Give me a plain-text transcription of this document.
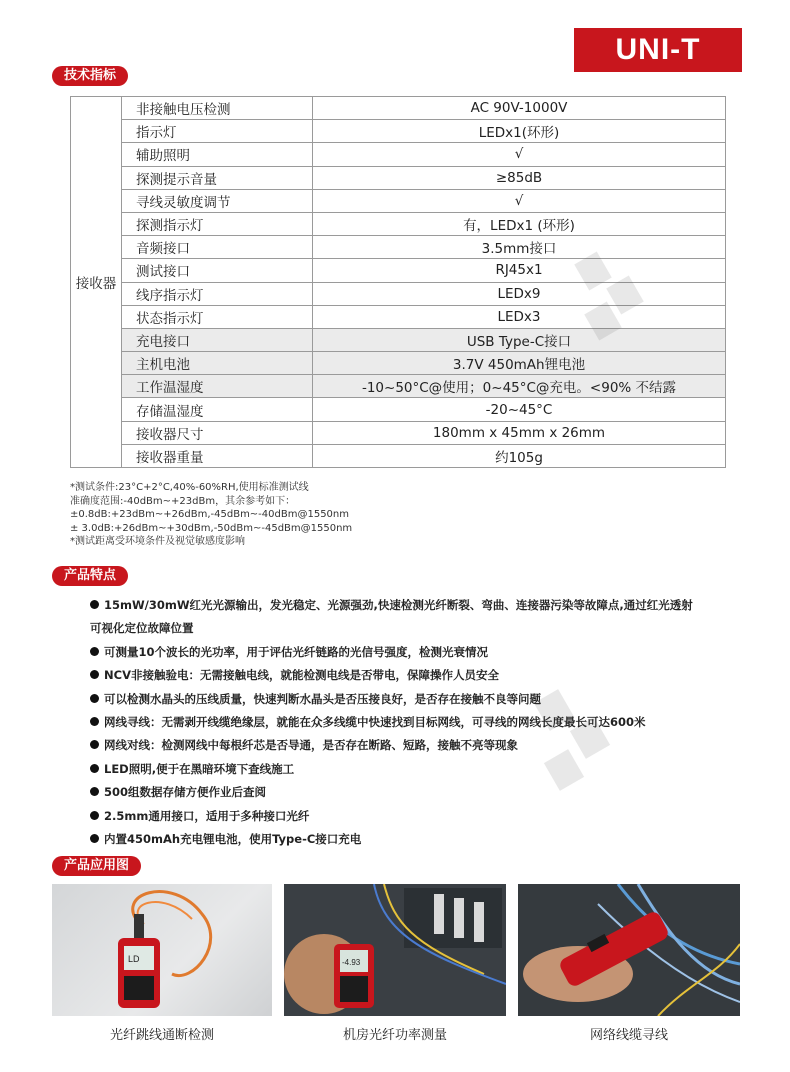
UNI-T
技术指标
接收器	非接触电压检测	AC 90V-1000V
	指示灯	LEDx1(环形)
	辅助照明	√
	探测提示音量	≥85dB
	寻线灵敏度调节	√
	探测指示灯	有，LEDx1 (环形)
	音频接口	3.5mm接口
	测试接口	RJ45x1
	线序指示灯	LEDx9
	状态指示灯	LEDx3
	充电接口	USB Type-C接口
	主机电池	3.7V 450mAh锂电池
	工作温湿度	-10~50°C@使用；0~45°C@充电。<90% 不结露
	存储温湿度	-20~45°C
	接收器尺寸	180mm x 45mm x 26mm
	接收器重量	约105g
*测试条件:23°C+2°C,40%-60%RH,使用标准测试线
准确度范围:-40dBm~+23dBm，其余参考如下：
±0.8dB:+23dBm~+26dBm,-45dBm~-40dBm@1550nm
± 3.0dB:+26dBm~+30dBm,-50dBm~-45dBm@1550nm
*测试距离受环境条件及视觉敏感度影响
产品特点
15mW/30mW红光光源输出，发光稳定、光源强劲,快速检测光纤断裂、弯曲、连接器污染等故障点,通过红光透射
可视化定位故障位置
可测量10个波长的光功率，用于评估光纤链路的光信号强度，检测光衰情况
NCV非接触验电：无需接触电线，就能检测电线是否带电，保障操作人员安全
可以检测水晶头的压线质量，快速判断水晶头是否压接良好，是否存在接触不良等问题
网线寻线：无需剥开线缆绝缘层，就能在众多线缆中快速找到目标网线，可寻线的网线长度最长可达600米
网线对线：检测网线中每根纤芯是否导通，是否存在断路、短路，接触不亮等现象
LED照明,便于在黑暗环境下查线施工
500组数据存储方便作业后查阅
2.5mm通用接口，适用于多种接口光纤
内置450mAh充电锂电池，使用Type-C接口充电
产品应用图
LD
光纤跳线通断检测
-4.93
机房光纤功率测量	网络线缆寻线
